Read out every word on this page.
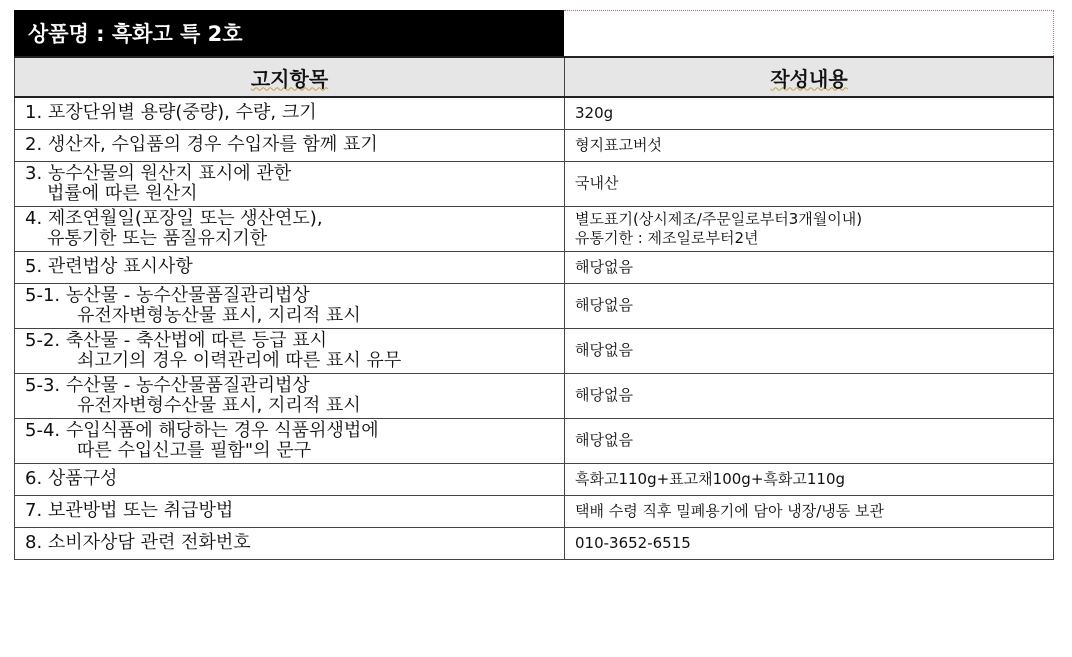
상품명 : 흑화고 특 2호
고지항목	작성내용

1. 포장단위별 용량(중량), 수량, 크기	320g

2. 생산자, 수입품의 경우 수입자를 함께 표기	형지표고버섯

3. 농수산물의 원산지 표시에 관한
법률에 따른 원산지	국내산

4. 제조연월일(포장일 또는 생산연도),
유통기한 또는 품질유지기한	별도표기(상시제조/주문일로부터3개월이내)
유통기한 : 제조일로부터2년

5. 관련법상 표시사항	해당없음

5-1. 농산물 - 농수산물품질관리법상
유전자변형농산물 표시, 지리적 표시	해당없음

5-2. 축산물 - 축산법에 따른 등급 표시
쇠고기의 경우 이력관리에 따른 표시 유무	해당없음

5-3. 수산물 - 농수산물품질관리법상
유전자변형수산물 표시, 지리적 표시	해당없음

5-4. 수입식품에 해당하는 경우 식품위생법에
따른 수입신고를 필함"의 문구	해당없음

6. 상품구성	흑화고110g+표고채100g+흑화고110g

7. 보관방법 또는 취급방법	택배 수령 직후 밀폐용기에 담아 냉장/냉동 보관

8. 소비자상담 관련 전화번호	010-3652-6515
